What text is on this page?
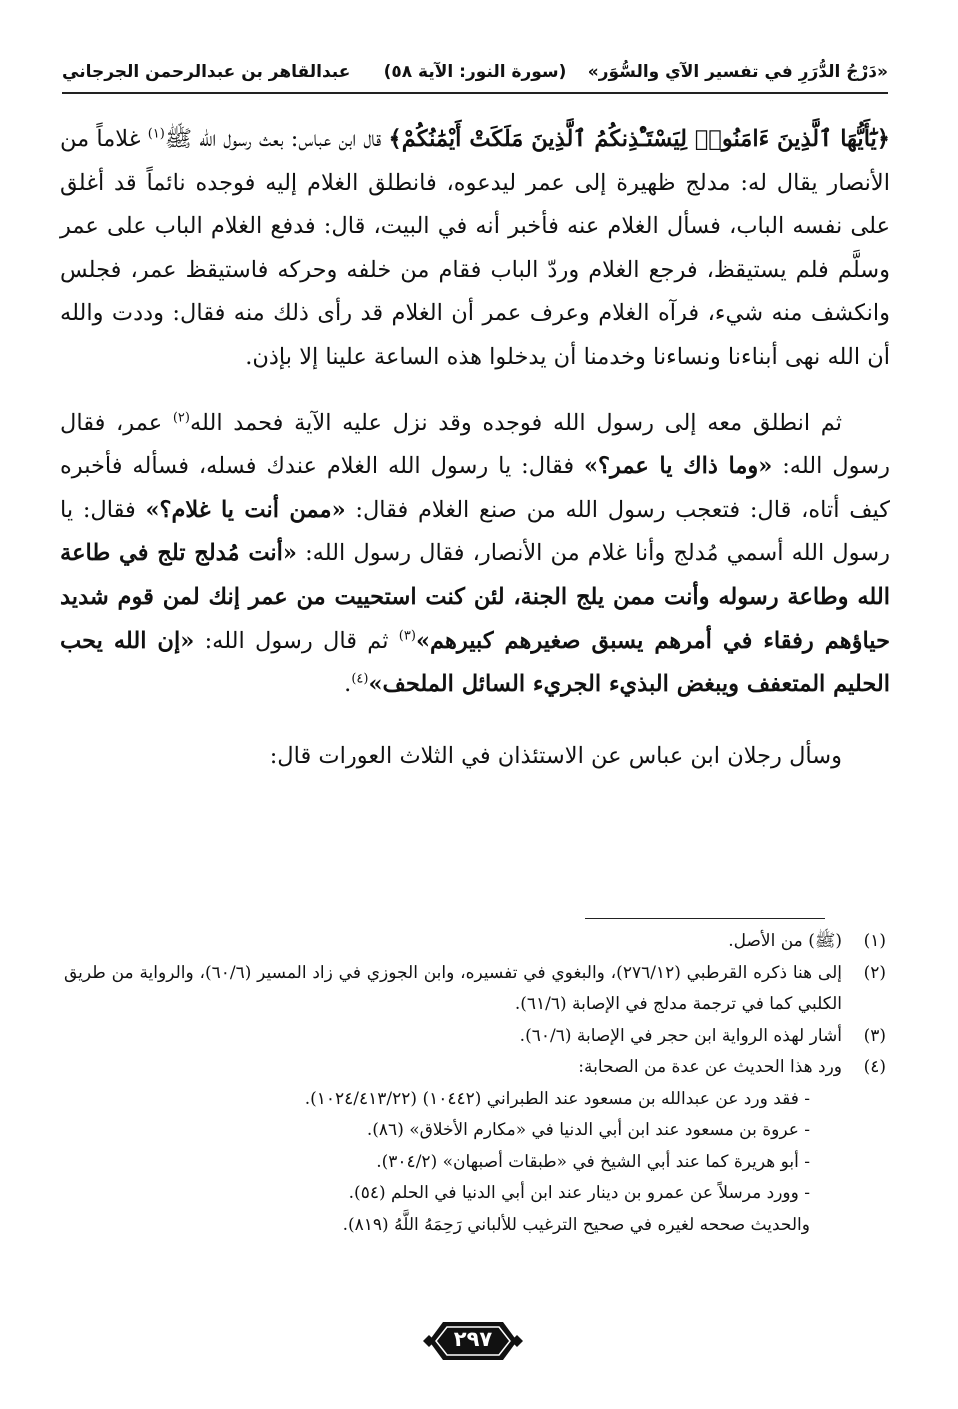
«دَرْجُ الدُّرَرِ في تفسير الآي والسُّوَر»
(سورة النور: الآية ٥٨)
عبدالقاهر بن عبدالرحمن الجرجاني

﴿يَٰٓأَيُّهَا ٱلَّذِينَ ءَامَنُوا۟ لِيَسْتَـْٔذِنكُمُ ٱلَّذِينَ مَلَكَتْ أَيْمَٰنُكُمْ﴾ قال ابن عباس: بعث رسول الله ﷺ$^{(١)}$ غلاماً من الأنصار يقال له: مدلج ظهيرة إلى عمر ليدعوه، فانطلق الغلام إليه فوجده نائماً قد أغلق على نفسه الباب، فسأل الغلام عنه فأخبر أنه في البيت، قال: فدفع الغلام الباب على عمر وسلَّم فلم يستيقظ، فرجع الغلام وردّ الباب فقام من خلفه وحركه فاستيقظ عمر، فجلس وانكشف منه شيء، فرآه الغلام وعرف عمر أن الغلام قد رأى ذلك منه فقال: وددت والله أن الله نهى أبناءنا ونساءنا وخدمنا أن يدخلوا هذه الساعة علينا إلا بإذن.

ثم انطلق معه إلى رسول الله فوجده وقد نزل عليه الآية فحمد الله$^{(٢)}$ عمر، فقال رسول الله: «وما ذاك يا عمر؟» فقال: يا رسول الله الغلام عندك فسله، فسأله فأخبره كيف أتاه، قال: فتعجب رسول الله من صنع الغلام فقال: «ممن أنت يا غلام؟» فقال: يا رسول الله أسمي مُدلج وأنا غلام من الأنصار، فقال رسول الله: «أنت مُدلج تلج في طاعة الله وطاعة رسوله وأنت ممن يلج الجنة، لئن كنت استحييت من عمر إنك لمن قوم شديد حياؤهم رفقاء في أمرهم يسبق صغيرهم كبيرهم»$^{(٣)}$ ثم قال رسول الله: «إن الله يحب الحليم المتعفف ويبغض البذيء الجريء السائل الملحف»$^{(٤)}$.

وسأل رجلان ابن عباس عن الاستئذان في الثلاث العورات قال:

(١)
(ﷺ) من الأصل.
(٢)
إلى هنا ذكره القرطبي (٢٧٦/١٢)، والبغوي في تفسيره، وابن الجوزي في زاد المسير (٦٠/٦)، والرواية من طريق الكلبي كما في ترجمة مدلج في الإصابة (٦١/٦).
(٣)
أشار لهذه الرواية ابن حجر في الإصابة (٦٠/٦).
(٤)
ورد هذا الحديث عن عدة من الصحابة:
- فقد ورد عن عبدالله بن مسعود عند الطبراني (١٠٤٤٢) (١٠٢٤/٤١٣/٢٢).
- عروة بن مسعود عند ابن أبي الدنيا في «مكارم الأخلاق» (٨٦).
- أبو هريرة كما عند أبي الشيخ في «طبقات أصبهان» (٣٠٤/٢).
- وورد مرسلاً عن عمرو بن دينار عند ابن أبي الدنيا في الحلم (٥٤).
والحديث صححه لغيره في صحيح الترغيب للألباني رَحِمَهُ اللَّهُ (٨١٩).
٢٩٧
